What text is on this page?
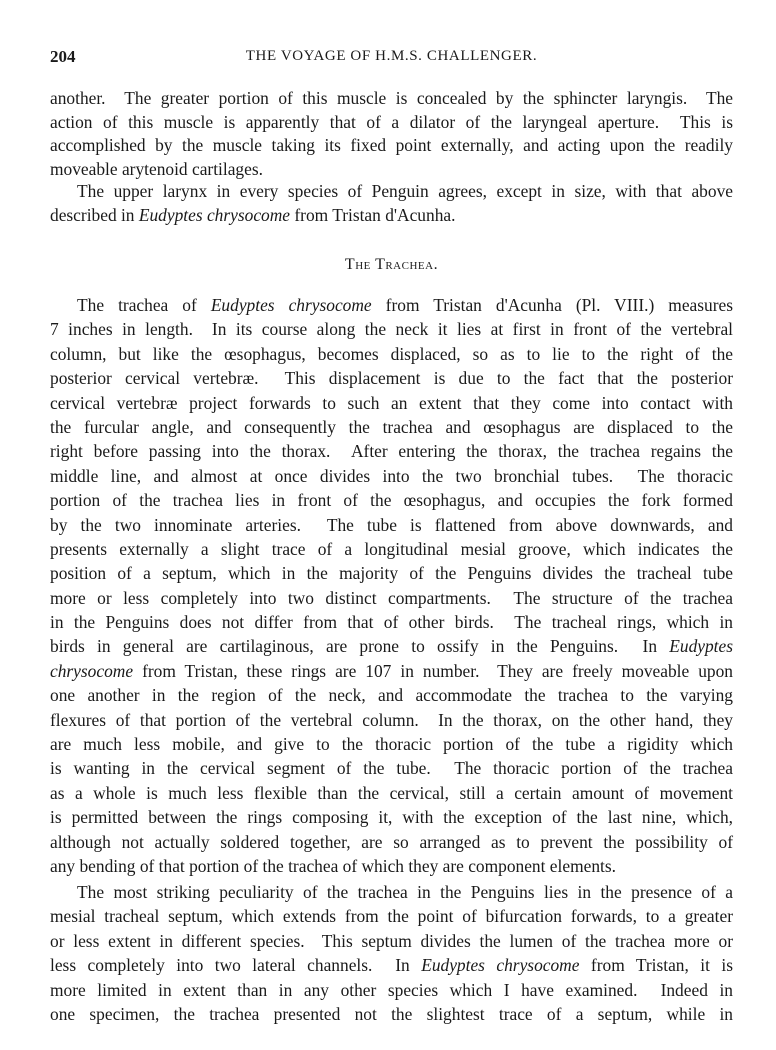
204	THE VOYAGE OF H.M.S. CHALLENGER.
another.  The greater portion of this muscle is concealed by the sphincter laryngis.  The
action of this muscle is apparently that of a dilator of the laryngeal aperture.  This is
accomplished by the muscle taking its fixed point externally, and acting upon the readily
moveable arytenoid cartilages.
The upper larynx in every species of Penguin agrees, except in size, with that above
described in Eudyptes chrysocome from Tristan d'Acunha.
The Trachea.
The trachea of Eudyptes chrysocome from Tristan d'Acunha (Pl. VIII.) measures
7 inches in length.  In its course along the neck it lies at first in front of the vertebral
column, but like the œsophagus, becomes displaced, so as to lie to the right of the
posterior cervical vertebræ.  This displacement is due to the fact that the posterior
cervical vertebræ project forwards to such an extent that they come into contact with
the furcular angle, and consequently the trachea and œsophagus are displaced to the
right before passing into the thorax.  After entering the thorax, the trachea regains the
middle line, and almost at once divides into the two bronchial tubes.  The thoracic
portion of the trachea lies in front of the œsophagus, and occupies the fork formed
by the two innominate arteries.  The tube is flattened from above downwards, and
presents externally a slight trace of a longitudinal mesial groove, which indicates the
position of a septum, which in the majority of the Penguins divides the tracheal tube
more or less completely into two distinct compartments.  The structure of the trachea
in the Penguins does not differ from that of other birds.  The tracheal rings, which in
birds in general are cartilaginous, are prone to ossify in the Penguins.  In Eudyptes
chrysocome from Tristan, these rings are 107 in number.  They are freely moveable upon
one another in the region of the neck, and accommodate the trachea to the varying
flexures of that portion of the vertebral column.  In the thorax, on the other hand, they
are much less mobile, and give to the thoracic portion of the tube a rigidity which
is wanting in the cervical segment of the tube.  The thoracic portion of the trachea
as a whole is much less flexible than the cervical, still a certain amount of movement
is permitted between the rings composing it, with the exception of the last nine, which,
although not actually soldered together, are so arranged as to prevent the possibility of
any bending of that portion of the trachea of which they are component elements.
The most striking peculiarity of the trachea in the Penguins lies in the presence of a
mesial tracheal septum, which extends from the point of bifurcation forwards, to a greater
or less extent in different species.  This septum divides the lumen of the trachea more or
less completely into two lateral channels.  In Eudyptes chrysocome from Tristan, it is
more limited in extent than in any other species which I have examined.  Indeed in
one specimen, the trachea presented not the slightest trace of a septum, while in
